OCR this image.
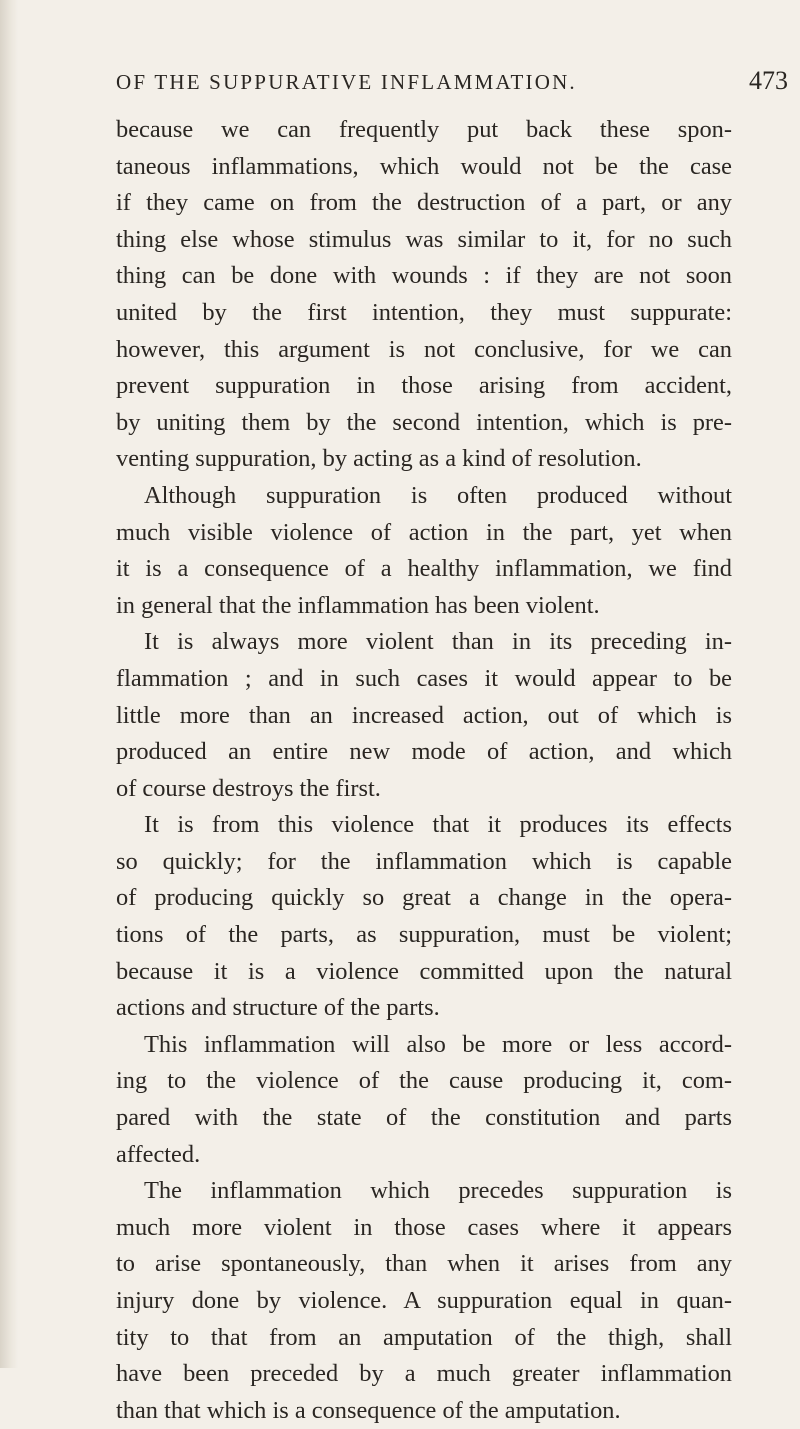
OF THE SUPPURATIVE INFLAMMATION.	473
because we can frequently put back these spon-
taneous inflammations, which would not be the case
if they came on from the destruction of a part, or any
thing else whose stimulus was similar to it, for no such
thing can be done with wounds : if they are not soon
united by the first intention, they must suppurate:
however, this argument is not conclusive, for we can
prevent suppuration in those arising from accident,
by uniting them by the second intention, which is pre-
venting suppuration, by acting as a kind of resolution.
Although suppuration is often produced without
much visible violence of action in the part, yet when
it is a consequence of a healthy inflammation, we find
in general that the inflammation has been violent.
It is always more violent than in its preceding in-
flammation ; and in such cases it would appear to be
little more than an increased action, out of which is
produced an entire new mode of action, and which
of course destroys the first.
It is from this violence that it produces its effects
so quickly; for the inflammation which is capable
of producing quickly so great a change in the opera-
tions of the parts, as suppuration, must be violent;
because it is a violence committed upon the natural
actions and structure of the parts.
This inflammation will also be more or less accord-
ing to the violence of the cause producing it, com-
pared with the state of the constitution and parts
affected.
The inflammation which precedes suppuration is
much more violent in those cases where it appears
to arise spontaneously, than when it arises from any
injury done by violence. A suppuration equal in quan-
tity to that from an amputation of the thigh, shall
have been preceded by a much greater inflammation
than that which is a consequence of the amputation.
